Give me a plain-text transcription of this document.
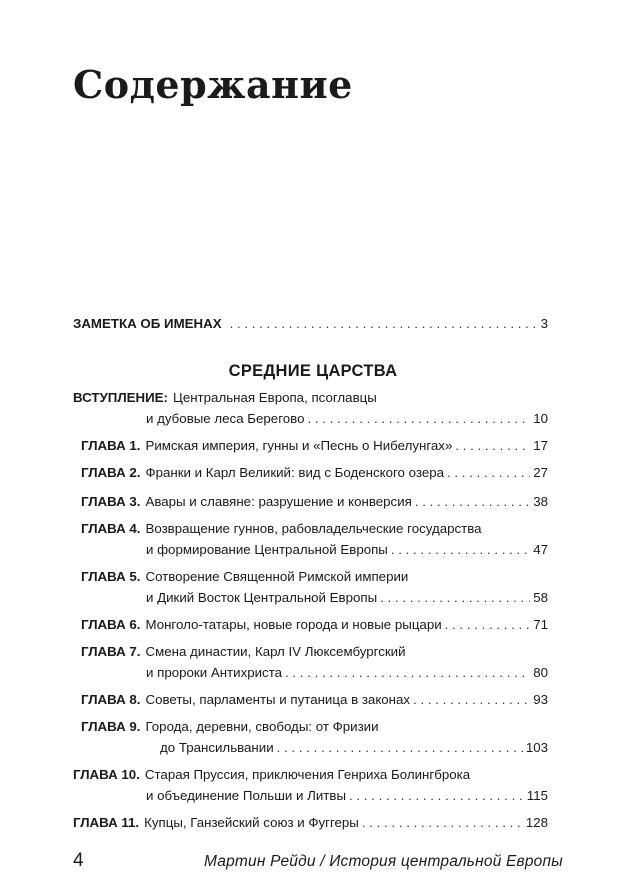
Содержание
ЗАМЕТКА ОБ ИМЕНАХ . . .	3
СРЕДНИЕ ЦАРСТВА
ВСТУПЛЕНИЕ: Центральная Европа, псоглавцы
и дубовые леса Берегово . . .	10
ГЛАВА 1. Римская империя, гунны и «Песнь о Нибелунгах» . . .	17
ГЛАВА 2. Франки и Карл Великий: вид с Боденского озера . . .	27
ГЛАВА 3. Авары и славяне: разрушение и конверсия . . .	38
ГЛАВА 4. Возвращение гуннов, рабовладельческие государства
и формирование Центральной Европы . . .	47
ГЛАВА 5. Сотворение Священной Римской империи
и Дикий Восток Центральной Европы . . .	58
ГЛАВА 6. Монголо-татары, новые города и новые рыцари . . .	71
ГЛАВА 7. Смена династии, Карл IV Люксембургский
и пророки Антихриста . . .	80
ГЛАВА 8. Советы, парламенты и путаница в законах . . .	93
ГЛАВА 9. Города, деревни, свободы: от Фризии
до Трансильвании . . .	103
ГЛАВА 10. Старая Пруссия, приключения Генриха Болингброка
и объединение Польши и Литвы . . .	115
ГЛАВА 11. Купцы, Ганзейский союз и Фуггеры . . .	128
4	Мартин Рейди / История центральной Европы
